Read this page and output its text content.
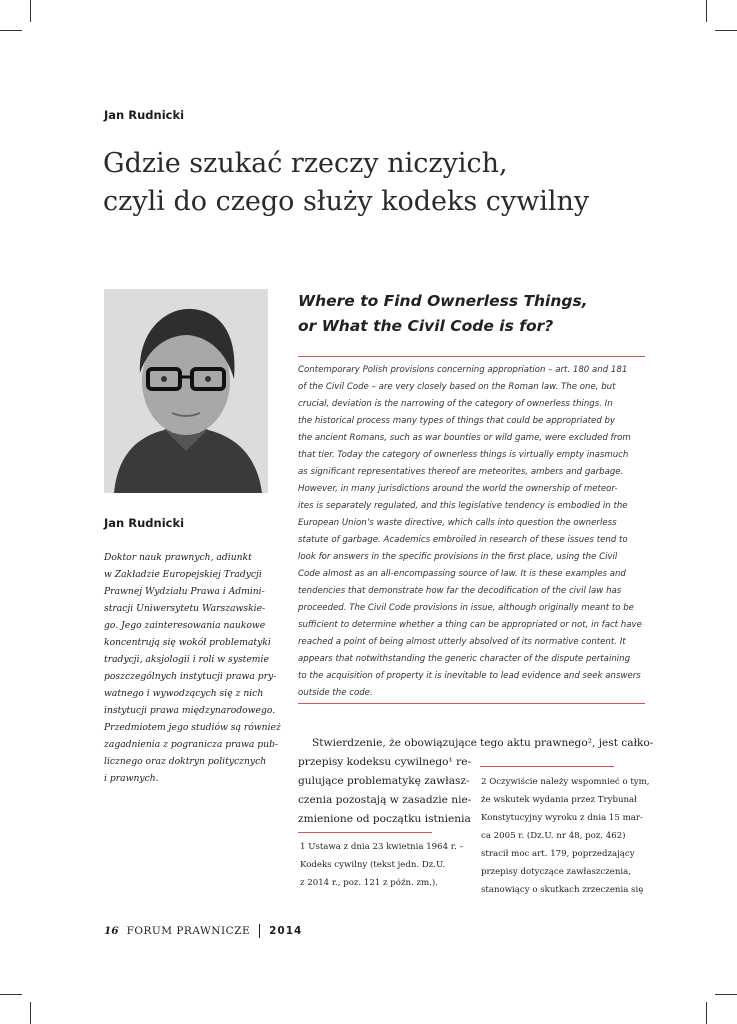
Jan Rudnicki
Gdzie szukać rzeczy niczyich,
czyli do czego służy kodeks cywilny
Jan Rudnicki
Doktor nauk prawnych, adiunkt
w Zakładzie Europejskiej Tradycji
Prawnej Wydziału Prawa i Admini-
stracji Uniwersytetu Warszawskie-
go. Jego zainteresowania naukowe
koncentrują się wokół problematyki
tradycji, aksjologii i roli w systemie
poszczególnych instytucji prawa pry-
watnego i wywodzących się z nich
instytucji prawa międzynarodowego.
Przedmiotem jego studiów są również
zagadnienia z pogranicza prawa pub-
licznego oraz doktryn politycznych
i prawnych.
Where to Find Ownerless Things,
or What the Civil Code is for?
Contemporary Polish provisions concerning appropriation – art. 180 and 181
of the Civil Code – are very closely based on the Roman law. The one, but
crucial, deviation is the narrowing of the category of ownerless things. In
the historical process many types of things that could be appropriated by
the ancient Romans, such as war bounties or wild game, were excluded from
that tier. Today the category of ownerless things is virtually empty inasmuch
as significant representatives thereof are meteorites, ambers and garbage.
However, in many jurisdictions around the world the ownership of meteor-
ites is separately regulated, and this legislative tendency is embodied in the
European Union’s waste directive, which calls into question the ownerless
statute of garbage. Academics embroiled in research of these issues tend to
look for answers in the specific provisions in the first place, using the Civil
Code almost as an all-encompassing source of law. It is these examples and
tendencies that demonstrate how far the decodification of the civil law has
proceeded. The Civil Code provisions in issue, although originally meant to be
sufficient to determine whether a thing can be appropriated or not, in fact have
reached a point of being almost utterly absolved of its normative content. It
appears that notwithstanding the generic character of the dispute pertaining
to the acquisition of property it is inevitable to lead evidence and seek answers
outside the code.
Stwierdzenie, że obowiązujące
przepisy kodeksu cywilnego¹ re-
gulujące problematykę zawłasz-
czenia pozostają w zasadzie nie-
zmienione od początku istnienia
tego aktu prawnego², jest całko-
1 Ustawa z dnia 23 kwietnia 1964 r. –
Kodeks cywilny (tekst jedn. Dz.U.
z 2014 r., poz. 121 z późn. zm.).
2 Oczywiście należy wspomnieć o tym,
że wskutek wydania przez Trybunał
Konstytucyjny wyroku z dnia 15 mar-
ca 2005 r. (Dz.U. nr 48, poz. 462)
stracił moc art. 179, poprzedzający
przepisy dotyczące zawłaszczenia,
stanowiący o skutkach zrzeczenia się
16 FORUM PRAWNICZE 2014
